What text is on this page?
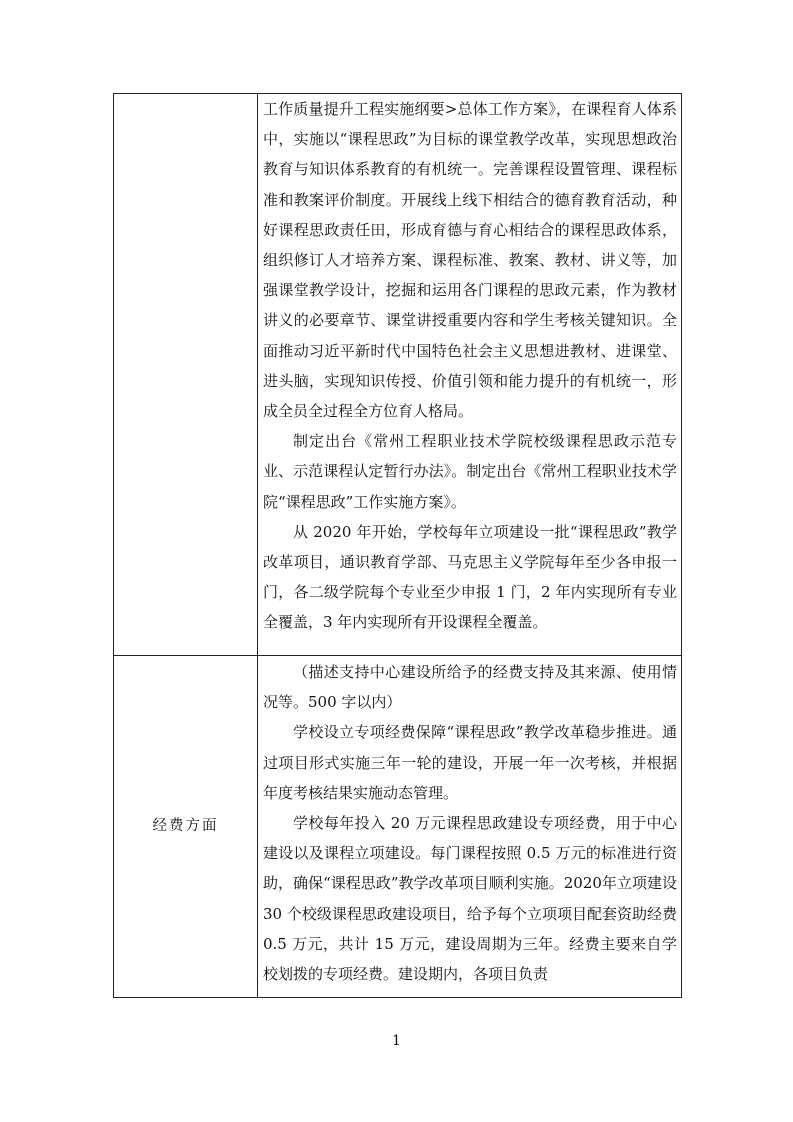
工作质量提升工程实施纲要>总体工作方案》，在课程育人体系中，实施以“课程思政”为目标的课堂教学改革，实现思想政治教育与知识体系教育的有机统一。完善课程设置管理、课程标准和教案评价制度。开展线上线下相结合的德育教育活动，种好课程思政责任田，形成育德与育心相结合的课程思政体系，组织修订人才培养方案、课程标准、教案、教材、讲义等，加强课堂教学设计，挖掘和运用各门课程的思政元素，作为教材讲义的必要章节、课堂讲授重要内容和学生考核关键知识。全面推动习近平新时代中国特色社会主义思想进教材、进课堂、进头脑，实现知识传授、价值引领和能力提升的有机统一，形成全员全过程全方位育人格局。

制定出台《常州工程职业技术学院校级课程思政示范专业、示范课程认定暂行办法》。制定出台《常州工程职业技术学院“课程思政”工作实施方案》。

从 2020 年开始，学校每年立项建设一批“课程思政”教学改革项目，通识教育学部、马克思主义学院每年至少各申报一门，各二级学院每个专业至少申报 1 门，2 年内实现所有专业全覆盖，3 年内实现所有开设课程全覆盖。

经费方面

（描述支持中心建设所给予的经费支持及其来源、使用情况等。500 字以内）

学校设立专项经费保障“课程思政”教学改革稳步推进。通过项目形式实施三年一轮的建设，开展一年一次考核，并根据年度考核结果实施动态管理。

学校每年投入 20 万元课程思政建设专项经费，用于中心建设以及课程立项建设。每门课程按照 0.5 万元的标准进行资助，确保“课程思政”教学改革项目顺利实施。2020年立项建设 30 个校级课程思政建设项目，给予每个立项项目配套资助经费 0.5 万元，共计 15 万元，建设周期为三年。经费主要来自学校划拨的专项经费。建设期内，各项目负责

1
